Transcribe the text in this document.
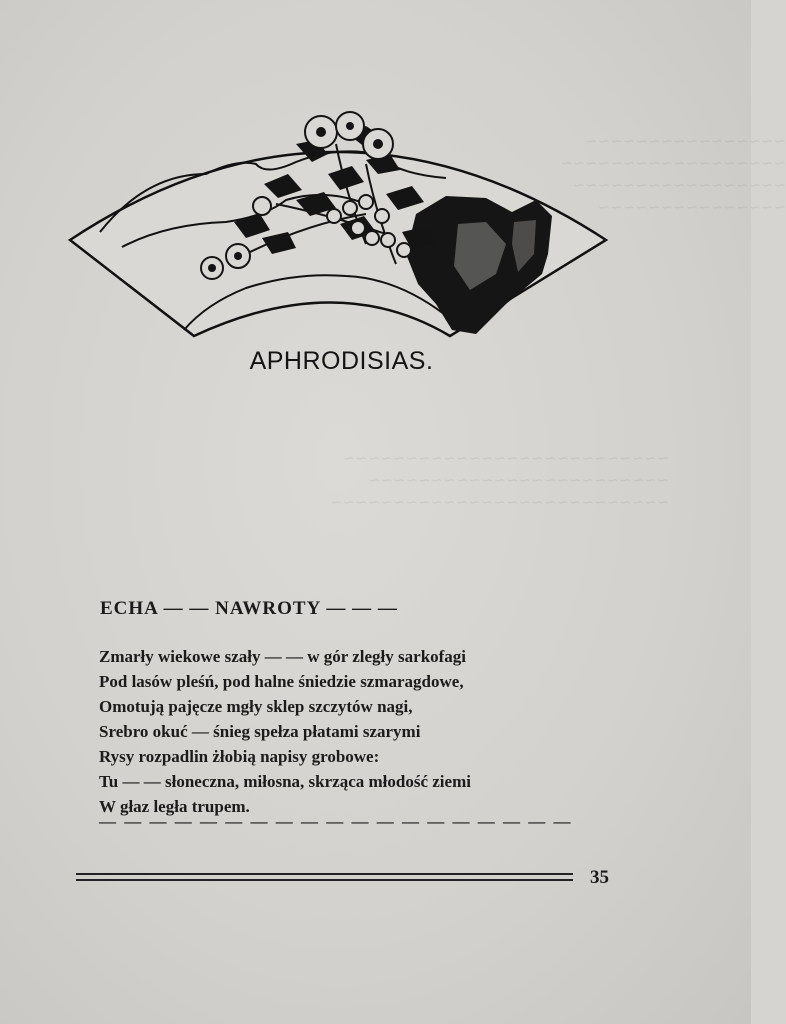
~~~~~~~~~~~~~~~~
~~~~~~~~~~~~~~~~~~
~~~~~~~~~~~~~~~~~
~~~~~~~~~~~~~~~

~~~~~~~~~~~~~~~~~~~~~~~~~~
~~~~~~~~~~~~~~~~~~~~~~~~
~~~~~~~~~~~~~~~~~~~~~~~~~~~

APHRODISIAS.
ECHA — — NAWROTY — — —
Zmarły wiekowe szały — — w gór zległy sarkofagi
Pod lasów pleśń, pod halne śniedzie szmaragdowe,
Omotują pajęcze mgły sklep szczytów nagi,
Srebro okuć — śnieg spełza płatami szarymi
Rysy rozpadlin żłobią napisy grobowe:
Tu — — słoneczna, miłosna, skrząca młodość ziemi
W głaz legła trupem.
— — — — — — — — — — — — — — — — — — —
35
